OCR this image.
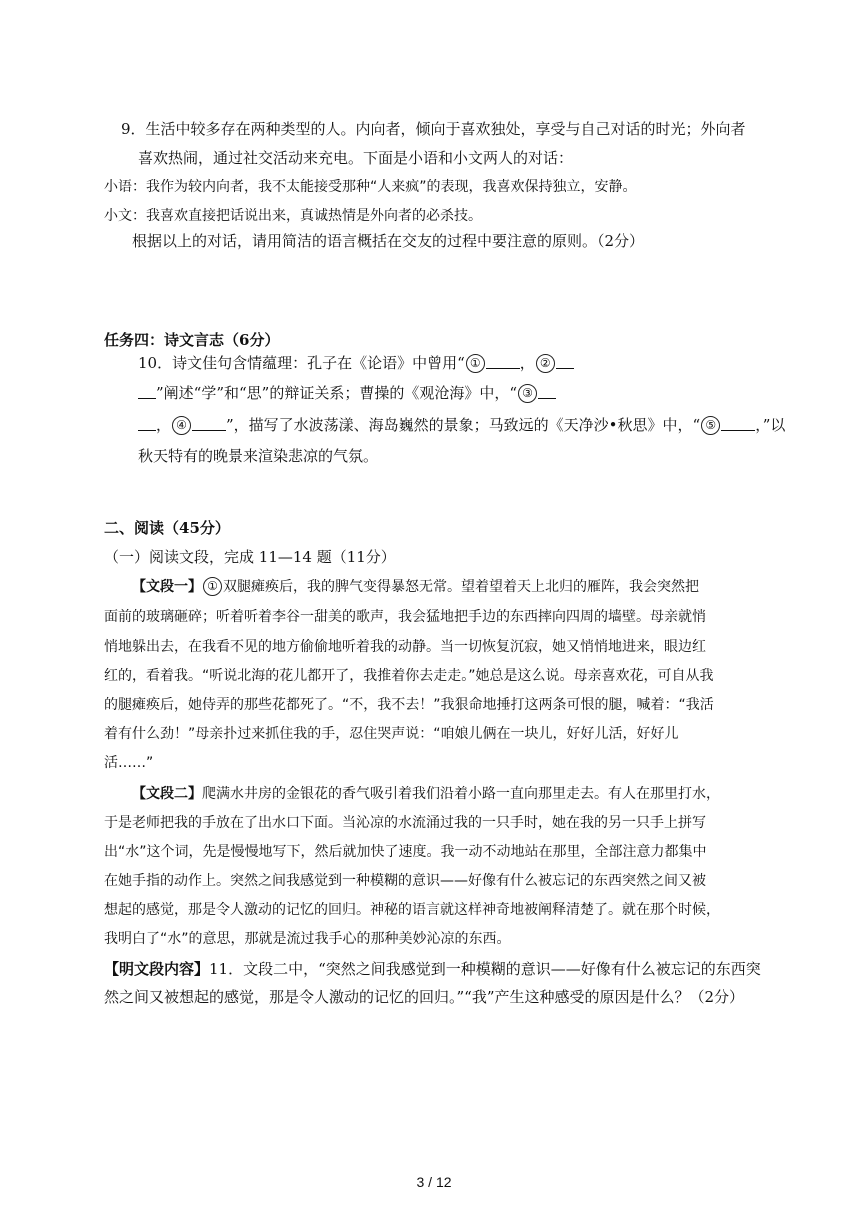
9．生活中较多存在两种类型的人。内向者，倾向于喜欢独处，享受与自己对话的时光；外向者
喜欢热闹，通过社交活动来充电。下面是小语和小文两人的对话：
小语：我作为较内向者，我不太能接受那种“人来疯”的表现，我喜欢保持独立，安静。
小文：我喜欢直接把话说出来，真诚热情是外向者的必杀技。
根据以上的对话，请用简洁的语言概括在交友的过程中要注意的原则。（2分）
任务四：诗文言志（6分）
10．诗文佳句含情蕴理：孔子在《论语》中曾用“ ①	， ②
”阐述“学”和“思”的辩证关系；曹操的《观沧海》中，“ ③
， ④	”，描写了水波荡漾、海岛巍然的景象；马致远的《天净沙•秋思》中，“ ⑤	，”以
秋天特有的晚景来渲染悲凉的气氛。
二、阅读（45分）
（一）阅读文段，完成 11—14 题（11分）
【文段一】 ① 双腿瘫痪后，我的脾气变得暴怒无常。望着望着天上北归的雁阵，我会突然把
面前的玻璃砸碎；听着听着李谷一甜美的歌声，我会猛地把手边的东西摔向四周的墙壁。母亲就悄
悄地躲出去，在我看不见的地方偷偷地听着我的动静。当一切恢复沉寂，她又悄悄地进来，眼边红
红的，看着我。“听说北海的花儿都开了，我推着你去走走。”她总是这么说。母亲喜欢花，可自从我
的腿瘫痪后，她侍弄的那些花都死了。“不，我不去！”我狠命地捶打这两条可恨的腿，喊着：“我活
着有什么劲！”母亲扑过来抓住我的手，忍住哭声说：“咱娘儿俩在一块儿，好好儿活，好好儿
活……”
【文段二】爬满水井房的金银花的香气吸引着我们沿着小路一直向那里走去。有人在那里打水，
于是老师把我的手放在了出水口下面。当沁凉的水流涌过我的一只手时，她在我的另一只手上拼写
出“水”这个词，先是慢慢地写下，然后就加快了速度。我一动不动地站在那里，全部注意力都集中
在她手指的动作上。突然之间我感觉到一种模糊的意识——好像有什么被忘记的东西突然之间又被
想起的感觉，那是令人激动的记忆的回归。神秘的语言就这样神奇地被阐释清楚了。就在那个时候，
我明白了“水”的意思，那就是流过我手心的那种美妙沁凉的东西。
【明文段内容】11．文段二中，“突然之间我感觉到一种模糊的意识——好像有什么被忘记的东西突
然之间又被想起的感觉，那是令人激动的记忆的回归。”“我”产生这种感受的原因是什么？（2分）
3 / 12
